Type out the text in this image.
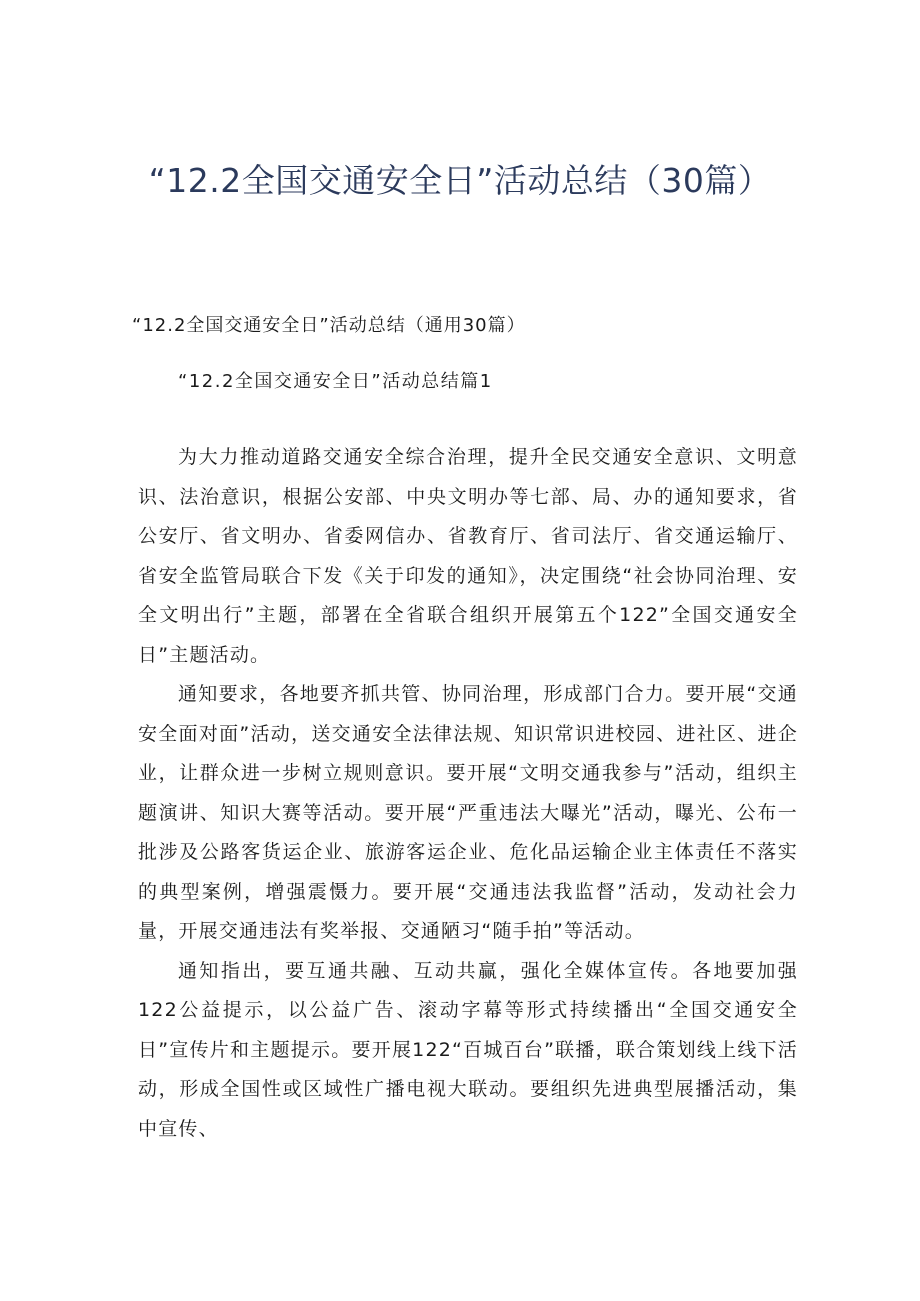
“12.2全国交通安全日”活动总结（30篇）

“12.2全国交通安全日”活动总结（通用30篇）

“12.2全国交通安全日”活动总结篇1

为大力推动道路交通安全综合治理，提升全民交通安全意识、文明意识、法治意识，根据公安部、中央文明办等七部、局、办的通知要求，省公安厅、省文明办、省委网信办、省教育厅、省司法厅、省交通运输厅、省安全监管局联合下发《关于印发的通知》，决定围绕“社会协同治理、安全文明出行”主题，部署在全省联合组织开展第五个122”全国交通安全日”主题活动。

通知要求，各地要齐抓共管、协同治理，形成部门合力。要开展“交通安全面对面”活动，送交通安全法律法规、知识常识进校园、进社区、进企业，让群众进一步树立规则意识。要开展“文明交通我参与”活动，组织主题演讲、知识大赛等活动。要开展“严重违法大曝光”活动，曝光、公布一批涉及公路客货运企业、旅游客运企业、危化品运输企业主体责任不落实的典型案例，增强震慑力。要开展“交通违法我监督”活动，发动社会力量，开展交通违法有奖举报、交通陋习“随手拍”等活动。

通知指出，要互通共融、互动共赢，强化全媒体宣传。各地要加强122公益提示，以公益广告、滚动字幕等形式持续播出“全国交通安全日”宣传片和主题提示。要开展122“百城百台”联播，联合策划线上线下活动，形成全国性或区域性广播电视大联动。要组织先进典型展播活动，集中宣传、
